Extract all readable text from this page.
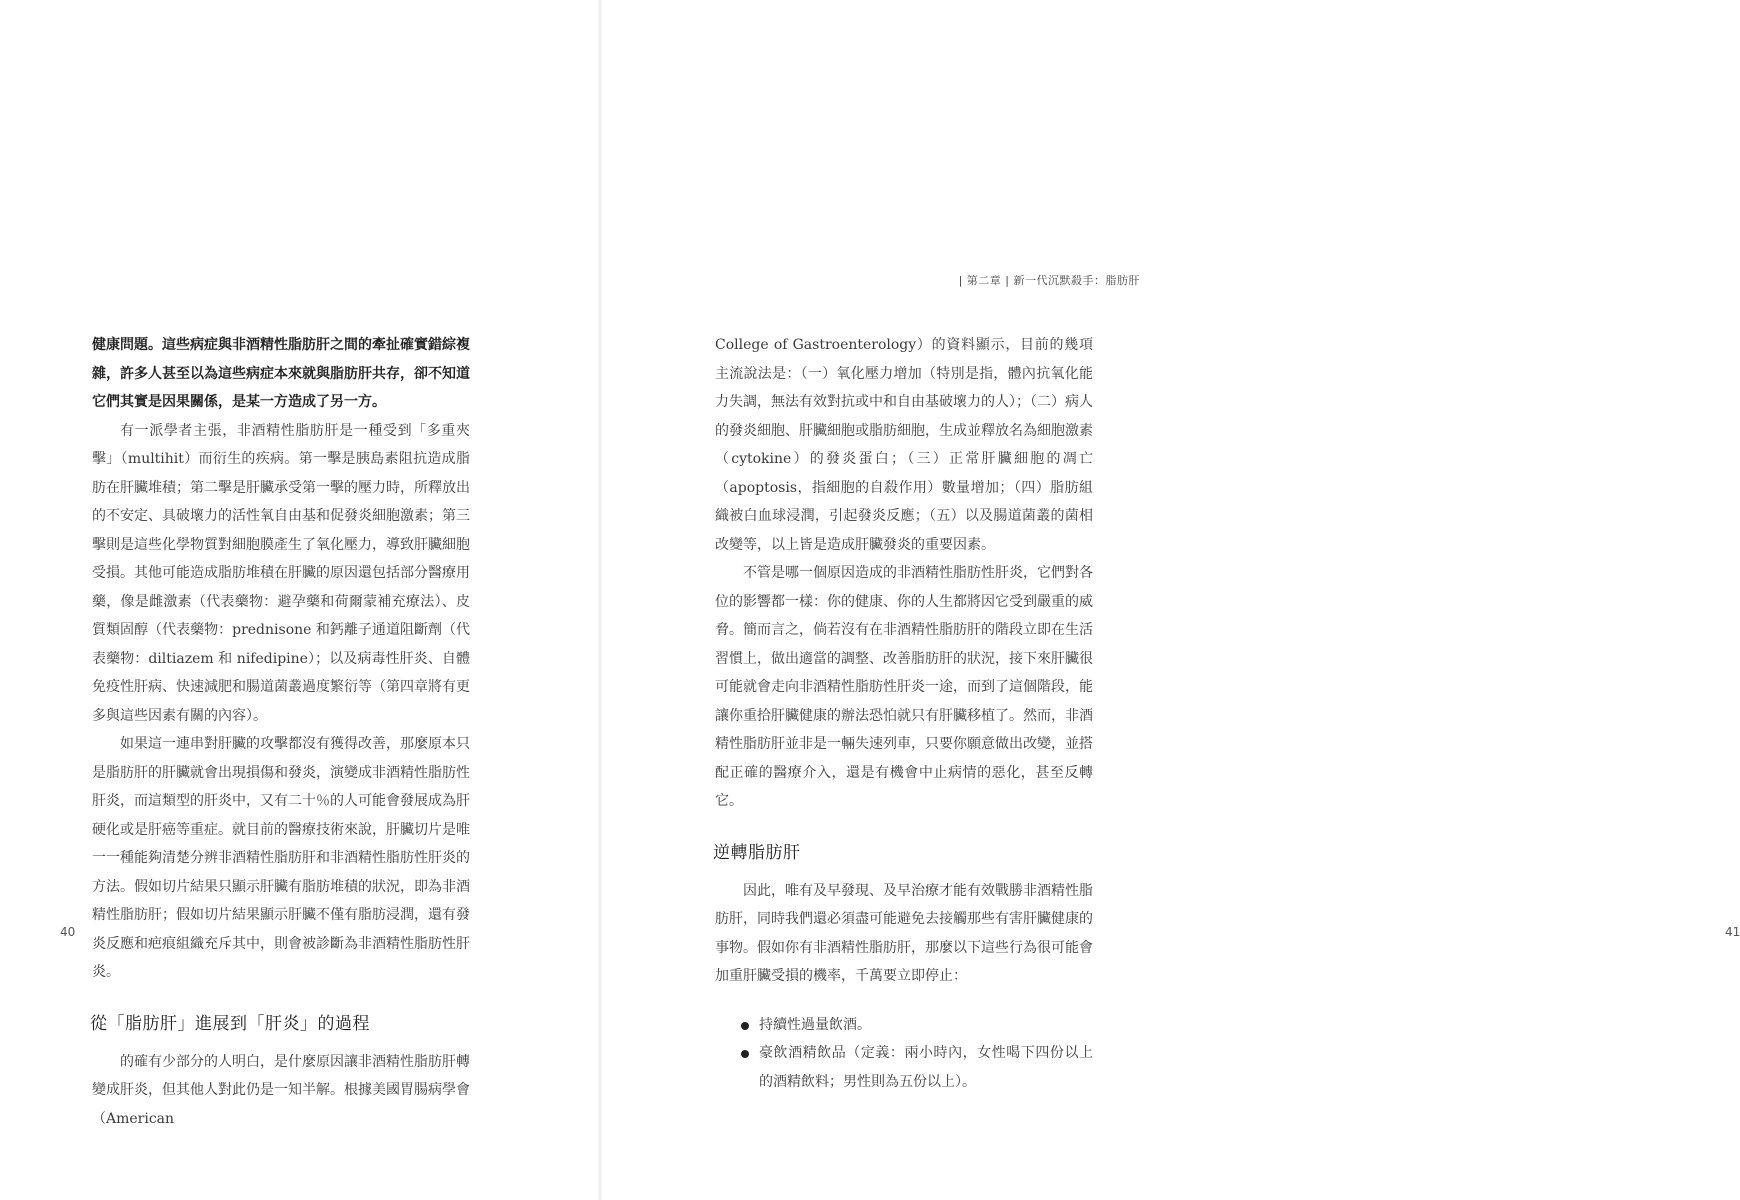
健康問題。這些病症與非酒精性脂肪肝之間的牽扯確實錯綜複雜，許多人甚至以為這些病症本來就與脂肪肝共存，卻不知道它們其實是因果關係，是某一方造成了另一方。

有一派學者主張，非酒精性脂肪肝是一種受到「多重夾擊」（multihit）而衍生的疾病。第一擊是胰島素阻抗造成脂肪在肝臟堆積；第二擊是肝臟承受第一擊的壓力時，所釋放出的不安定、具破壞力的活性氧自由基和促發炎細胞激素；第三擊則是這些化學物質對細胞膜產生了氧化壓力，導致肝臟細胞受損。其他可能造成脂肪堆積在肝臟的原因還包括部分醫療用藥，像是雌激素（代表藥物：避孕藥和荷爾蒙補充療法）、皮質類固醇（代表藥物：prednisone 和鈣離子通道阻斷劑（代表藥物：diltiazem 和 nifedipine）；以及病毒性肝炎、自體免疫性肝病、快速減肥和腸道菌叢過度繁衍等（第四章將有更多與這些因素有關的內容）。

如果這一連串對肝臟的攻擊都沒有獲得改善，那麼原本只是脂肪肝的肝臟就會出現損傷和發炎，演變成非酒精性脂肪性肝炎，而這類型的肝炎中，又有二十％的人可能會發展成為肝硬化或是肝癌等重症。就目前的醫療技術來說，肝臟切片是唯一一種能夠清楚分辨非酒精性脂肪肝和非酒精性脂肪性肝炎的方法。假如切片結果只顯示肝臟有脂肪堆積的狀況，即為非酒精性脂肪肝；假如切片結果顯示肝臟不僅有脂肪浸潤，還有發炎反應和疤痕組織充斥其中，則會被診斷為非酒精性脂肪性肝炎。

從「脂肪肝」進展到「肝炎」的過程

的確有少部分的人明白，是什麼原因讓非酒精性脂肪肝轉變成肝炎，但其他人對此仍是一知半解。根據美國胃腸病學會（American

40	41
| 第二章 | 新一代沉默殺手：脂肪肝

College of Gastroenterology）的資料顯示，目前的幾項主流說法是：（一）氧化壓力增加（特別是指，體內抗氧化能力失調，無法有效對抗或中和自由基破壞力的人）；（二）病人的發炎細胞、肝臟細胞或脂肪細胞，生成並釋放名為細胞激素（cytokine）的發炎蛋白；（三）正常肝臟細胞的凋亡（apoptosis，指細胞的自殺作用）數量增加；（四）脂肪組織被白血球浸潤，引起發炎反應；（五）以及腸道菌叢的菌相改變等，以上皆是造成肝臟發炎的重要因素。

不管是哪一個原因造成的非酒精性脂肪性肝炎，它們對各位的影響都一樣：你的健康、你的人生都將因它受到嚴重的威脅。簡而言之，倘若沒有在非酒精性脂肪肝的階段立即在生活習慣上，做出適當的調整、改善脂肪肝的狀況，接下來肝臟很可能就會走向非酒精性脂肪性肝炎一途，而到了這個階段，能讓你重拾肝臟健康的辦法恐怕就只有肝臟移植了。然而，非酒精性脂肪肝並非是一輛失速列車，只要你願意做出改變，並搭配正確的醫療介入，還是有機會中止病情的惡化，甚至反轉它。

逆轉脂肪肝

因此，唯有及早發現、及早治療才能有效戰勝非酒精性脂肪肝，同時我們還必須盡可能避免去接觸那些有害肝臟健康的事物。假如你有非酒精性脂肪肝，那麼以下這些行為很可能會加重肝臟受損的機率，千萬要立即停止：

持續性過量飲酒。
豪飲酒精飲品（定義：兩小時內，女性喝下四份以上的酒精飲料；男性則為五份以上）。
